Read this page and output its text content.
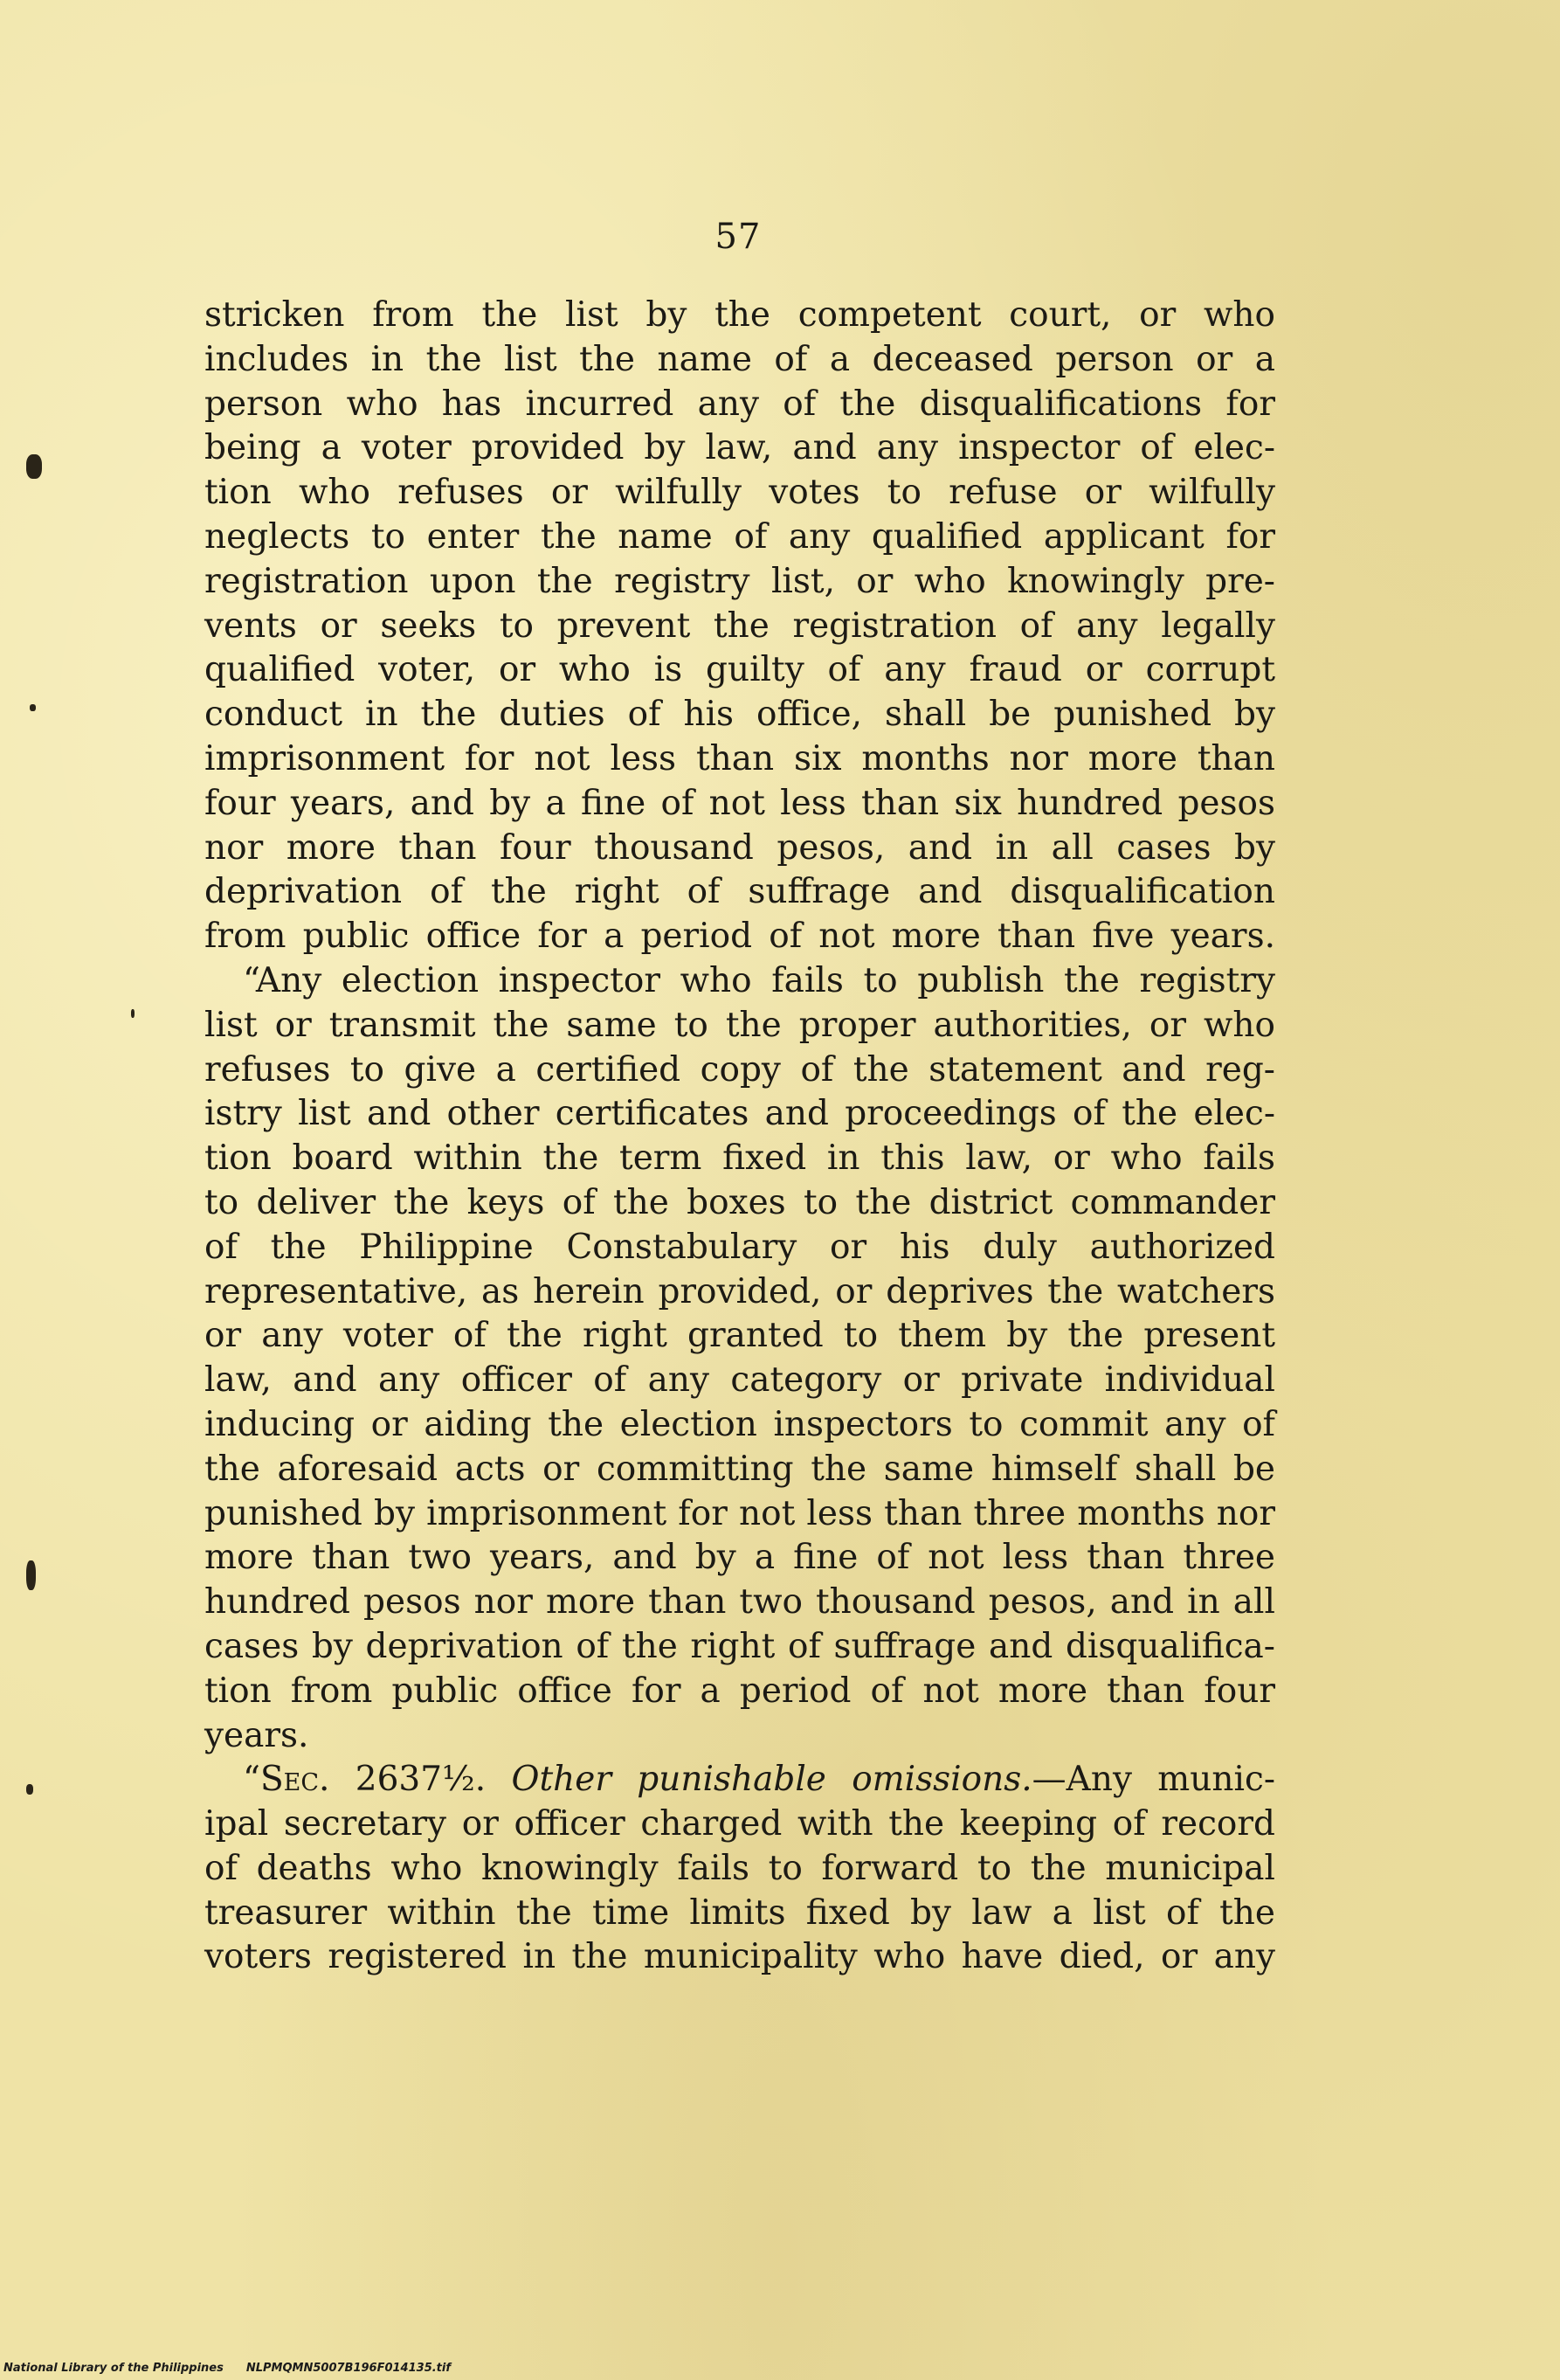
57
stricken from the list by the competent court, or who
includes in the list the name of a deceased person or a
person who has incurred any of the disqualifications for
being a voter provided by law, and any inspector of elec-
tion who refuses or wilfully votes to refuse or wilfully
neglects to enter the name of any qualified applicant for
registration upon the registry list, or who knowingly pre-
vents or seeks to prevent the registration of any legally
qualified voter, or who is guilty of any fraud or corrupt
conduct in the duties of his office, shall be punished by
imprisonment for not less than six months nor more than
four years, and by a fine of not less than six hundred pesos
nor more than four thousand pesos, and in all cases by
deprivation of the right of suffrage and disqualification
from public office for a period of not more than five years.
“Any election inspector who fails to publish the registry
list or transmit the same to the proper authorities, or who
refuses to give a certified copy of the statement and reg-
istry list and other certificates and proceedings of the elec-
tion board within the term fixed in this law, or who fails
to deliver the keys of the boxes to the district commander
of the Philippine Constabulary or his duly authorized
representative, as herein provided, or deprives the watchers
or any voter of the right granted to them by the present
law, and any officer of any category or private individual
inducing or aiding the election inspectors to commit any of
the aforesaid acts or committing the same himself shall be
punished by imprisonment for not less than three months nor
more than two years, and by a fine of not less than three
hundred pesos nor more than two thousand pesos, and in all
cases by deprivation of the right of suffrage and disqualifica-
tion from public office for a period of not more than four
years.
“Sec. 2637½. Other punishable omissions.—Any munic-
ipal secretary or officer charged with the keeping of record
of deaths who knowingly fails to forward to the municipal
treasurer within the time limits fixed by law a list of the
voters registered in the municipality who have died, or any
National Library of the Philippines NLPMQMN5007B196F014135.tif
